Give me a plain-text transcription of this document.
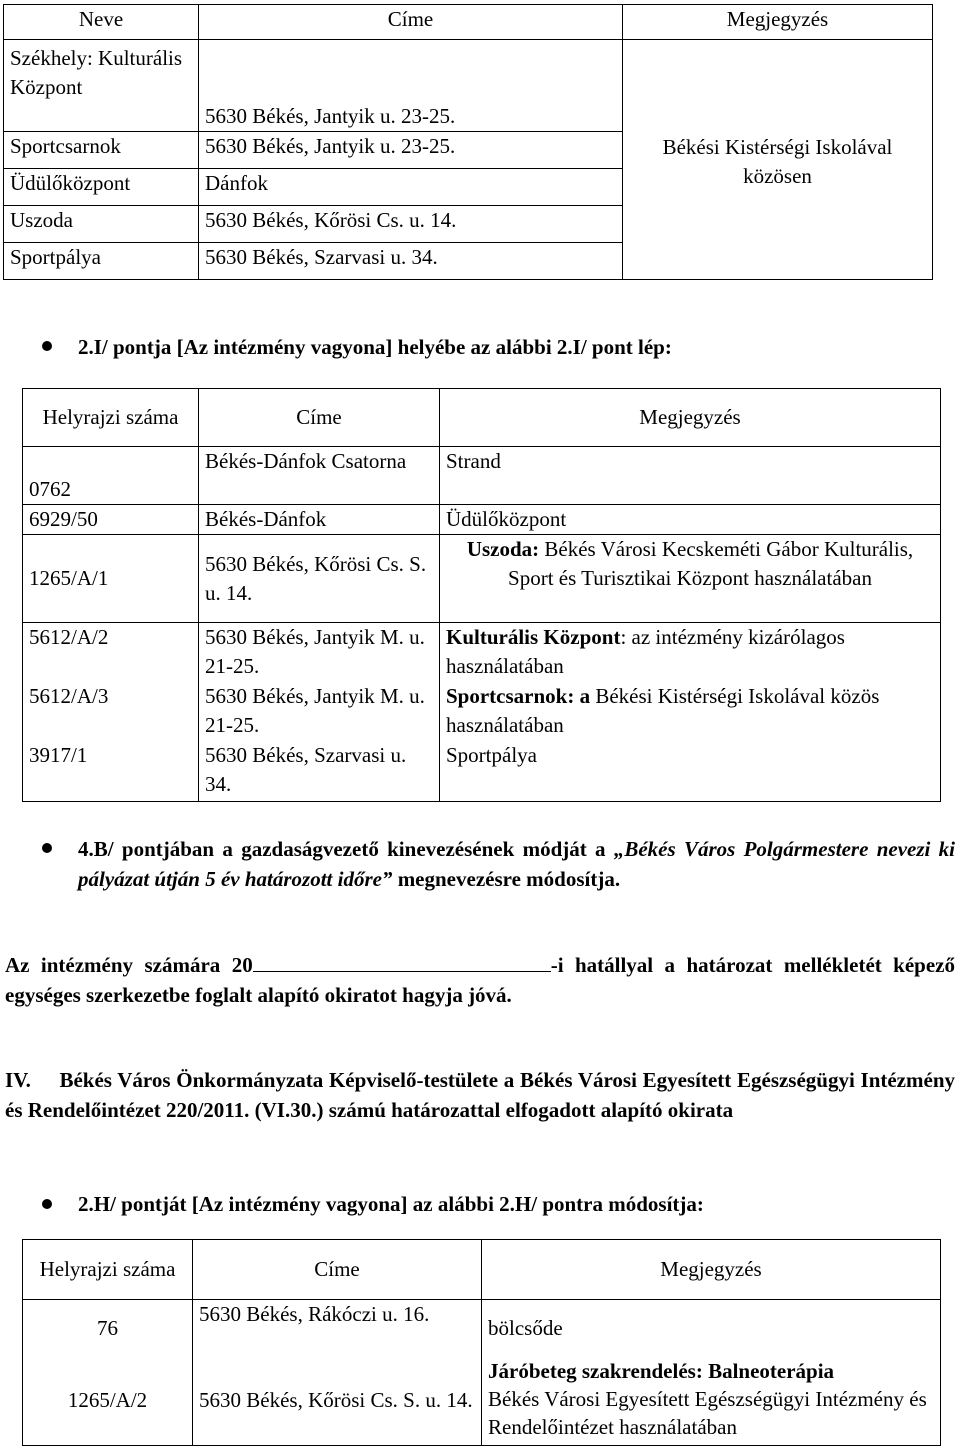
Neve	Címe	Megjegyzés
Székhely: Kulturális Központ	5630 Békés, Jantyik u. 23-25.	Békési Kistérségi Iskolával közösen
Sportcsarnok	5630 Békés, Jantyik u. 23-25.	
Üdülőközpont	Dánfok	
Uszoda	5630 Békés, Kőrösi Cs. u. 14.	
Sportpálya	5630 Békés, Szarvasi u. 34.	
2.I/ pontja [Az intézmény vagyona] helyébe az alábbi 2.I/ pont lép:
Helyrajzi száma	Címe	Megjegyzés
0762	Békés-Dánfok Csatorna	Strand
6929/50	Békés-Dánfok	Üdülőközpont
1265/A/1	5630 Békés, Kőrösi Cs. S. u. 14.	Uszoda: Békés Városi Kecskeméti Gábor Kulturális, Sport és Turisztikai Központ használatában
5612/A/2	5630 Békés, Jantyik M. u. 21-25.	Kulturális Központ: az intézmény kizárólagos használatában
5612/A/3	5630 Békés, Jantyik M. u. 21-25.	Sportcsarnok: a Békési Kistérségi Iskolával közös használatában
3917/1	5630 Békés, Szarvasi u. 34.	Sportpálya
4.B/ pontjában a gazdaságvezető kinevezésének módját a „Békés Város Polgármestere nevezi ki pályázat útján 5 év határozott időre” megnevezésre módosítja.
Az intézmény számára 20	-i hatállyal a határozat mellékletét képező egységes szerkezetbe foglalt alapító okiratot hagyja jóvá.
IV. Békés Város Önkormányzata Képviselő-testülete a Békés Városi Egyesített Egészségügyi Intézmény és Rendelőintézet 220/2011. (VI.30.) számú határozattal elfogadott alapító okirata
2.H/ pontját [Az intézmény vagyona] az alábbi 2.H/ pontra módosítja:
Helyrajzi száma	Címe	Megjegyzés
76	5630 Békés, Rákóczi u. 16.	bölcsőde
1265/A/2	5630 Békés, Kőrösi Cs. S. u. 14.	Járóbeteg szakrendelés: Balneoterápia
Békés Városi Egyesített Egészségügyi Intézmény és Rendelőintézet használatában
